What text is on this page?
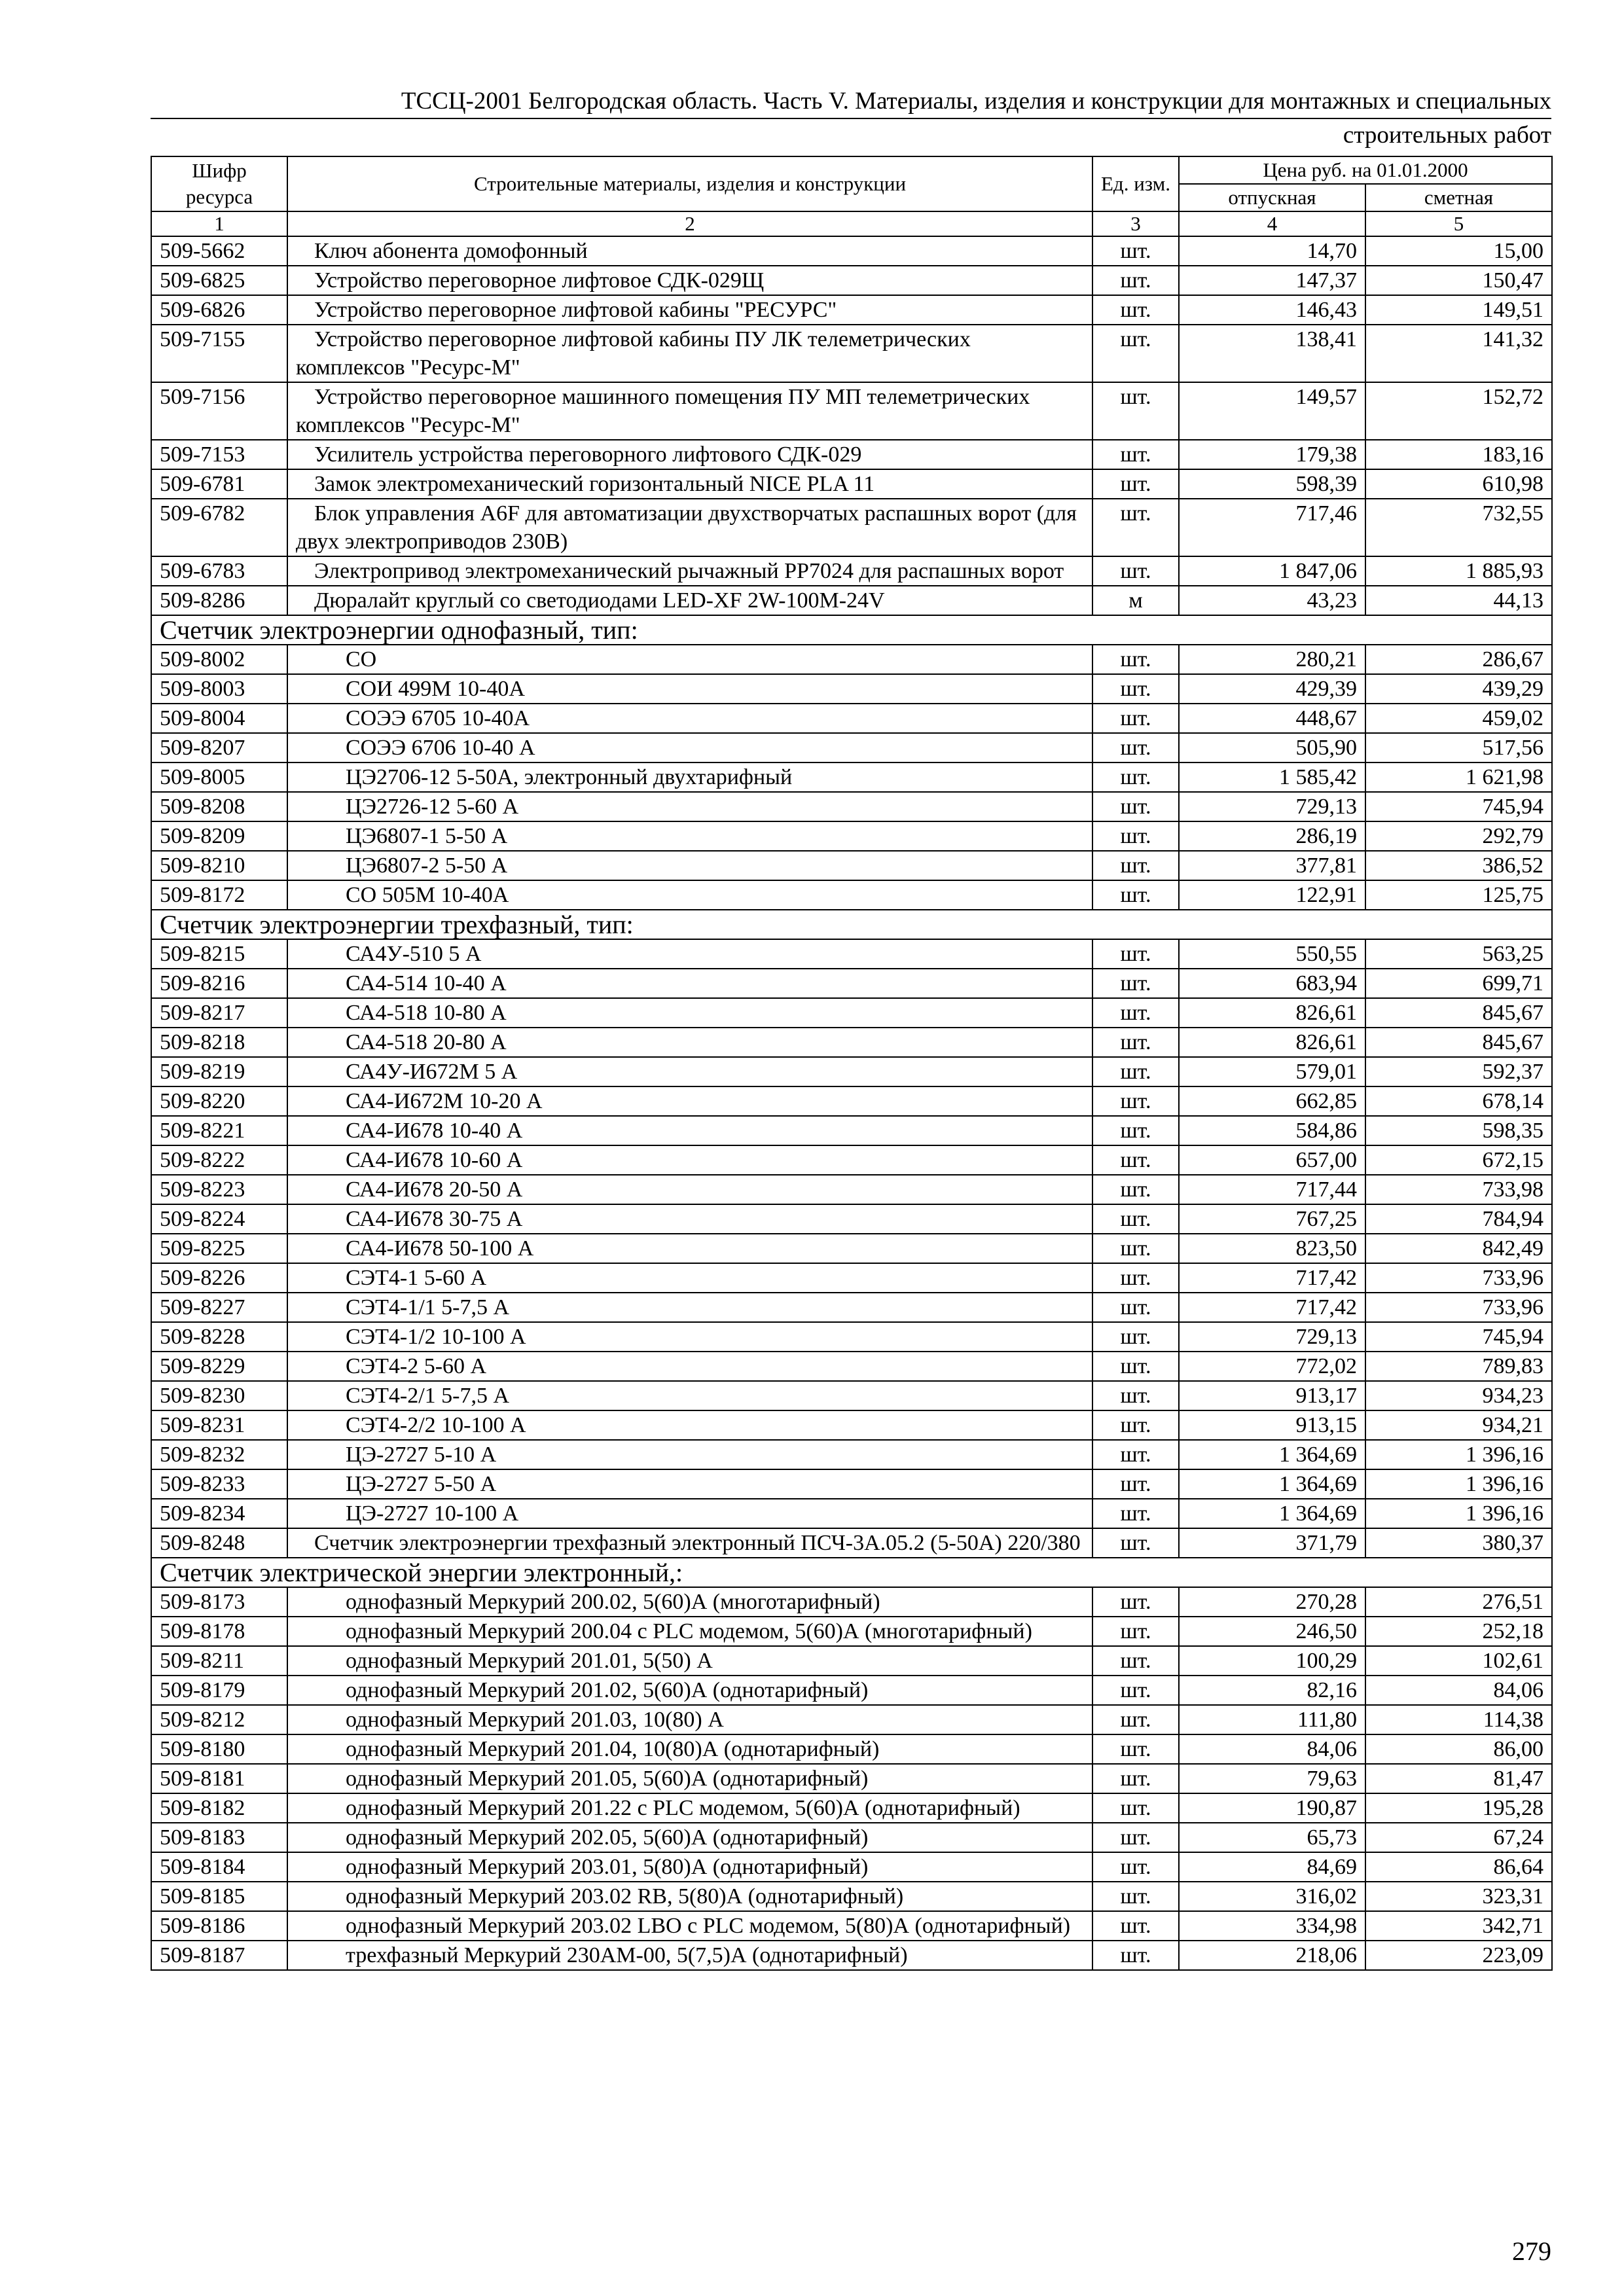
ТССЦ-2001 Белгородская область. Часть V. Материалы, изделия и конструкции для монтажных и специальных
строительных работ
Шифр ресурса	Строительные материалы, изделия и конструкции	Ед. изм.	Цена руб. на 01.01.2000	
			отпускная	сметная
1	2	3	4	5
509-5662	Ключ абонента домофонный	шт.	14,70	15,00
509-6825	Устройство переговорное лифтовое СДК-029Щ	шт.	147,37	150,47
509-6826	Устройство переговорное лифтовой кабины "РЕСУРС"	шт.	146,43	149,51
509-7155	Устройство переговорное лифтовой кабины ПУ ЛК телеметрических комплексов "Ресурс-М"	шт.	138,41	141,32
509-7156	Устройство переговорное машинного помещения ПУ МП телеметрических комплексов "Ресурс-М"	шт.	149,57	152,72
509-7153	Усилитель устройства переговорного лифтового СДК-029	шт.	179,38	183,16
509-6781	Замок электромеханический горизонтальный NICE PLA 11	шт.	598,39	610,98
509-6782	Блок управления A6F для автоматизации двухстворчатых распашных ворот (для двух электроприводов 230В)	шт.	717,46	732,55
509-6783	Электропривод электромеханический рычажный PP7024 для распашных ворот	шт.	1 847,06	1 885,93
509-8286	Дюралайт круглый со светодиодами LED-XF 2W-100M-24V	м	43,23	44,13
Счетчик электроэнергии однофазный, тип:				
509-8002	СО	шт.	280,21	286,67
509-8003	СОИ 499М 10-40А	шт.	429,39	439,29
509-8004	СОЭЭ 6705 10-40А	шт.	448,67	459,02
509-8207	СОЭЭ 6706 10-40 А	шт.	505,90	517,56
509-8005	ЦЭ2706-12 5-50А, электронный двухтарифный	шт.	1 585,42	1 621,98
509-8208	ЦЭ2726-12 5-60 А	шт.	729,13	745,94
509-8209	ЦЭ6807-1 5-50 А	шт.	286,19	292,79
509-8210	ЦЭ6807-2 5-50 А	шт.	377,81	386,52
509-8172	СО 505М 10-40А	шт.	122,91	125,75
Счетчик электроэнергии трехфазный, тип:				
509-8215	СА4У-510 5 А	шт.	550,55	563,25
509-8216	СА4-514 10-40 А	шт.	683,94	699,71
509-8217	СА4-518 10-80 А	шт.	826,61	845,67
509-8218	СА4-518 20-80 А	шт.	826,61	845,67
509-8219	СА4У-И672М 5 А	шт.	579,01	592,37
509-8220	СА4-И672М 10-20 А	шт.	662,85	678,14
509-8221	СА4-И678 10-40 А	шт.	584,86	598,35
509-8222	СА4-И678 10-60 А	шт.	657,00	672,15
509-8223	СА4-И678 20-50 А	шт.	717,44	733,98
509-8224	СА4-И678 30-75 А	шт.	767,25	784,94
509-8225	СА4-И678 50-100 А	шт.	823,50	842,49
509-8226	СЭТ4-1 5-60 А	шт.	717,42	733,96
509-8227	СЭТ4-1/1 5-7,5 А	шт.	717,42	733,96
509-8228	СЭТ4-1/2 10-100 А	шт.	729,13	745,94
509-8229	СЭТ4-2 5-60 А	шт.	772,02	789,83
509-8230	СЭТ4-2/1 5-7,5 А	шт.	913,17	934,23
509-8231	СЭТ4-2/2 10-100 А	шт.	913,15	934,21
509-8232	ЦЭ-2727 5-10 А	шт.	1 364,69	1 396,16
509-8233	ЦЭ-2727 5-50 А	шт.	1 364,69	1 396,16
509-8234	ЦЭ-2727 10-100 А	шт.	1 364,69	1 396,16
509-8248	Счетчик электроэнергии трехфазный электронный ПСЧ-3А.05.2 (5-50А) 220/380	шт.	371,79	380,37
Счетчик электрической энергии электронный,:				
509-8173	однофазный Меркурий 200.02, 5(60)А (многотарифный)	шт.	270,28	276,51
509-8178	однофазный Меркурий 200.04 с PLC модемом, 5(60)А (многотарифный)	шт.	246,50	252,18
509-8211	однофазный Меркурий 201.01, 5(50) А	шт.	100,29	102,61
509-8179	однофазный Меркурий 201.02, 5(60)А (однотарифный)	шт.	82,16	84,06
509-8212	однофазный Меркурий 201.03, 10(80) А	шт.	111,80	114,38
509-8180	однофазный Меркурий 201.04, 10(80)А (однотарифный)	шт.	84,06	86,00
509-8181	однофазный Меркурий 201.05, 5(60)А (однотарифный)	шт.	79,63	81,47
509-8182	однофазный Меркурий 201.22 с PLC модемом, 5(60)А (однотарифный)	шт.	190,87	195,28
509-8183	однофазный Меркурий 202.05, 5(60)А (однотарифный)	шт.	65,73	67,24
509-8184	однофазный Меркурий 203.01, 5(80)А (однотарифный)	шт.	84,69	86,64
509-8185	однофазный Меркурий 203.02 RB, 5(80)А (однотарифный)	шт.	316,02	323,31
509-8186	однофазный Меркурий 203.02 LBO с PLC модемом, 5(80)А (однотарифный)	шт.	334,98	342,71
509-8187	трехфазный Меркурий 230АМ-00, 5(7,5)А (однотарифный)	шт.	218,06	223,09
279
